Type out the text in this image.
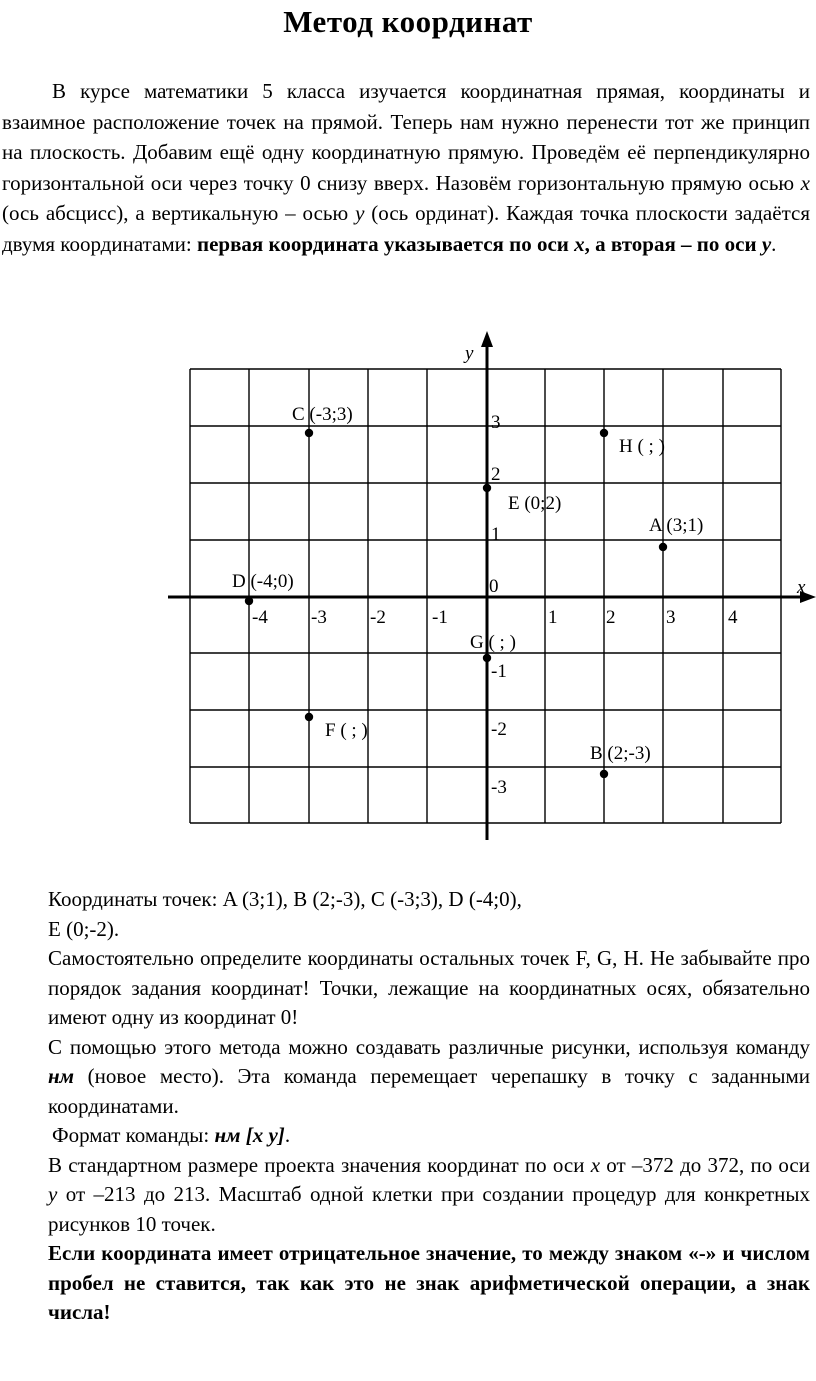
Метод координат
В курсе математики 5 класса изучается координатная прямая, координаты и взаимное расположение точек на прямой. Теперь нам нужно перенести тот же принцип на плоскость. Добавим ещё одну координатную прямую. Проведём её перпендикулярно горизонтальной оси через точку 0 снизу вверх. Назовём горизонтальную прямую осью x (ось абсцисс), а вертикальную – осью y (ось ординат). Каждая точка плоскости задаётся двумя координатами: первая координата указывается по оси x, а вторая – по оси y.
x
y
-4 -3 -2 -1	1	2	3	4
3
2
1
-1
-2
-3
0
C (-3;3)
H ( ; )
E (0;2)
A (3;1)
D (-4;0)
G ( ; )
F ( ; )
B (2;-3)

Координаты точек: A (3;1), B (2;-3), C (-3;3), D (-4;0),

E (0;-2).

Самостоятельно определите координаты остальных точек F, G, H. Не забывайте про порядок задания координат! Точки, лежащие на координатных осях, обязательно имеют одну из координат 0!

С помощью этого метода можно создавать различные рисунки, используя команду нм (новое место). Эта команда перемещает черепашку в точку с заданными координатами.

Формат команды: нм [x y].

В стандартном размере проекта значения координат по оси x от –372 до 372, по оси y от –213 до 213. Масштаб одной клетки при создании процедур для конкретных рисунков 10 точек.

Если координата имеет отрицательное значение, то между знаком «-» и числом пробел не ставится, так как это не знак арифметической операции, а знак числа!
